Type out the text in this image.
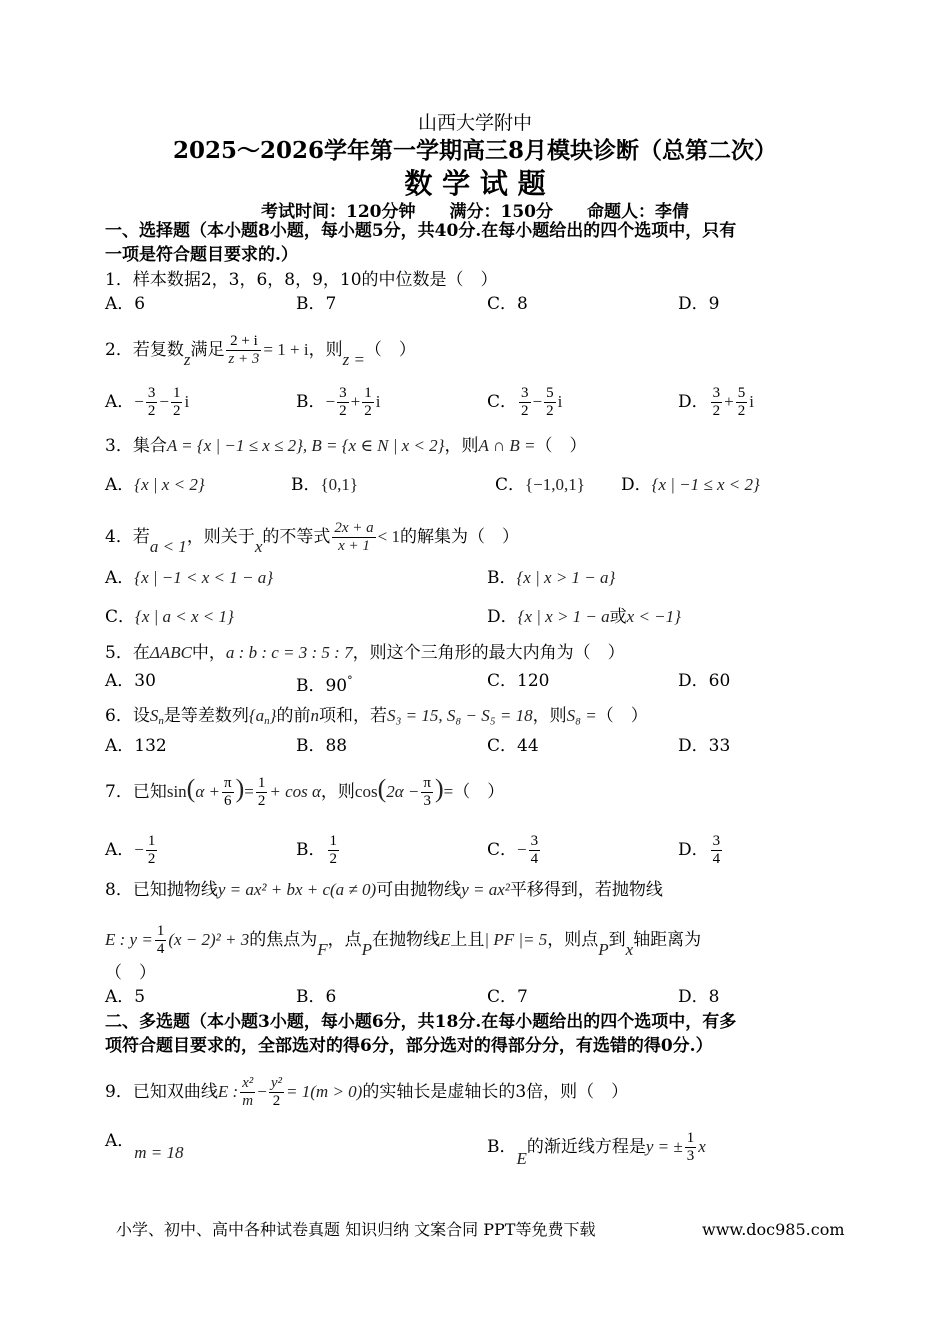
山西大学附中
2025～2026学年第一学期高三8月模块诊断（总第二次）
数 学 试 题
考试时间：120分钟　　满分：150分　　命题人：李倩
一、选择题（本小题8小题，每小题5分，共40分.在每小题给出的四个选项中，只有
一项是符合题目要求的.）
1．样本数据2，3，6，8，9，10的中位数是（　）
A．6	B．7	C．8	D．9
2．若复数z满足 $\frac{2 + i}{z + 3} = 1 + i$，则z =（　）
A．− $\frac{3}{2} - \frac{1}{2}$ i	B．− $\frac{3}{2} + \frac{1}{2}$ i	C． $\frac{3}{2} - \frac{5}{2}$ i	D． $\frac{3}{2} + \frac{5}{2}$ i
3．集合A = {x | −1 ≤ x ≤ 2}, B = {x ∈ N | x < 2}，则A ∩ B =（　）
A．{x | x < 2}	B．{0,1}	C．{−1,0,1} D．{x | −1 ≤ x < 2}
4．若a < 1，则关于x的不等式 $\frac{2x + a}{x + 1} < 1$的解集为（　）
A．{x | −1 < x < 1 − a}	B．{x | x > 1 − a}
C．{x | a < x < 1}	D．{x | x > 1 − a或x < −1}
5．在ΔABC中，a : b : c = 3 : 5 : 7，则这个三角形的最大内角为（　）
A．30	B．90°	C．120	D．60
6．设$S_n$是等差数列$\{a_n\}$的前n项和，若S₃ = 15, S₈ − S₅ = 18，则S₈ =（　）
A．132	B．88	C．44	D．33
7．已知$\sin(\alpha + \frac{\pi}{6}$ )= $\frac{1}{2} + \cos \alpha$，则$\cos(2\alpha - \frac{\pi}{3}$ )=（　）
A．− $\frac{1}{2}$	B． $\frac{1}{2}$	C．− $\frac{3}{4}$	D． $\frac{3}{4}$
8．已知抛物线y = ax² + bx + c(a ≠ 0)可由抛物线y = ax²平移得到，若抛物线
E : $y = \frac{1}{4} (x - 2)^2 + 3$的焦点为F，点P在抛物线E上且| PF |= 5，则点P到x轴距离为
（　）
A．5	B．6	C．7	D．8
二、多选题（本小题3小题，每小题6分，共18分.在每小题给出的四个选项中，有多
项符合题目要求的，全部选对的得6分，部分选对的得部分分，有选错的得0分.）
9．已知双曲线E : $\frac{\text{x²}}{m} - \frac{\text{y²}}{2} = 1(m > 0)$的实轴长是虚轴长的3倍，则（　）
A．m = 18	B．E的渐近线方程是y = ± $\frac{1}{3}$ x
小学、初中、高中各种试卷真题 知识归纳 文案合同 PPT等免费下载	www.doc985.com
